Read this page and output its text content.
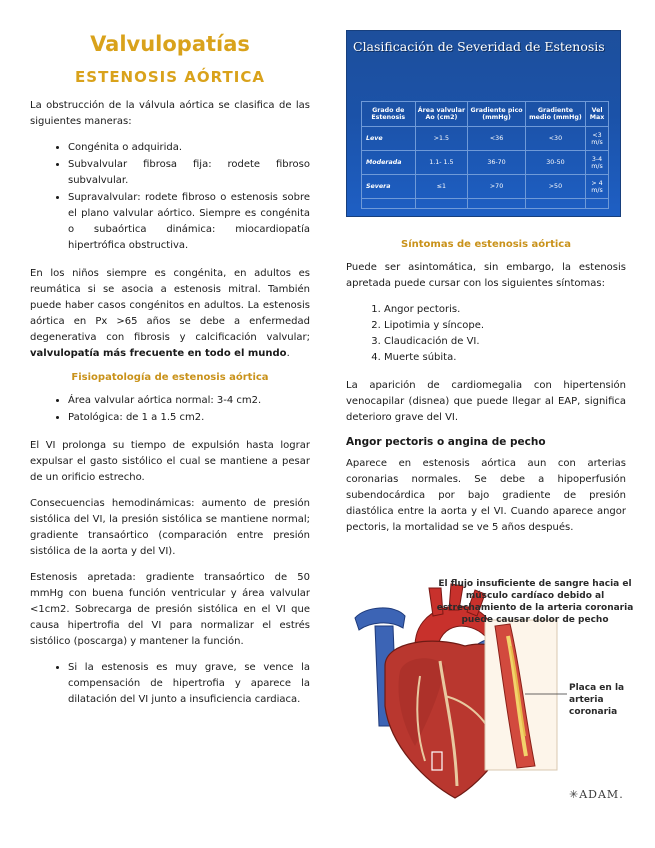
Valvulopatías
ESTENOSIS AÓRTICA

La obstrucción de la válvula aórtica se clasifica de las siguientes maneras:

• Congénita o adquirida.
• Subvalvular fibrosa fija: rodete fibroso subvalvular.
• Supravalvular: rodete fibroso o estenosis sobre el plano valvular aórtico. Siempre es congénita o subaórtica dinámica: miocardiopatía hipertrófica obstructiva.

En los niños siempre es congénita, en adultos es reumática si se asocia a estenosis mitral. También puede haber casos congénitos en adultos. La estenosis aórtica en Px >65 años se debe a enfermedad degenerativa con fibrosis y calcificación valvular; valvulopatía más frecuente en todo el mundo.

Fisiopatología de estenosis aórtica
• Área valvular aórtica normal: 3-4 cm2.
• Patológica: de 1 a 1.5 cm2.

El VI prolonga su tiempo de expulsión hasta lograr expulsar el gasto sistólico el cual se mantiene a pesar de un orificio estrecho.

Consecuencias hemodinámicas: aumento de presión sistólica del VI, la presión sistólica se mantiene normal; gradiente transaórtico (comparación entre presión sistólica de la aorta y del VI).

Estenosis apretada: gradiente transaórtico de 50 mmHg con buena función ventricular y área valvular <1cm2. Sobrecarga de presión sistólica en el VI que causa hipertrofia del VI para normalizar el estrés sistólico (poscarga) y mantener la función.

• Si la estenosis es muy grave, se vence la compensación de hipertrofia y aparece la dilatación del VI junto a insuficiencia cardiaca.
Clasificación de Severidad de Estenosis
Grado de Estenosis	Área valvular Ao (cm2)	Gradiente pico (mmHg)	Gradiente medio (mmHg)	Vel Max
Leve	>1.5	<36	<30	<3 m/s
Moderada	1.1- 1.5	36-70	30-50	3-4 m/s
Severa	≤1	>70	>50	> 4 m/s

Síntomas de estenosis aórtica

Puede ser asintomática, sin embargo, la estenosis apretada puede cursar con los siguientes síntomas:

1. Angor pectoris.
2. Lipotimia y síncope.
3. Claudicación de VI.
4. Muerte súbita.

La aparición de cardiomegalia con hipertensión venocapilar (disnea) que puede llegar al EAP, significa deterioro grave del VI.

Angor pectoris o angina de pecho

Aparece en estenosis aórtica aun con arterias coronarias normales. Se debe a hipoperfusión subendocárdica por bajo gradiente de presión diastólica entre la aorta y el VI. Cuando aparece angor pectoris, la mortalidad se ve 5 años después.

El flujo insuficiente de sangre hacia el músculo cardíaco debido al estrechamiento de la arteria coronaria puede causar dolor de pecho
Placa en la arteria coronaria
✳ADAM.
